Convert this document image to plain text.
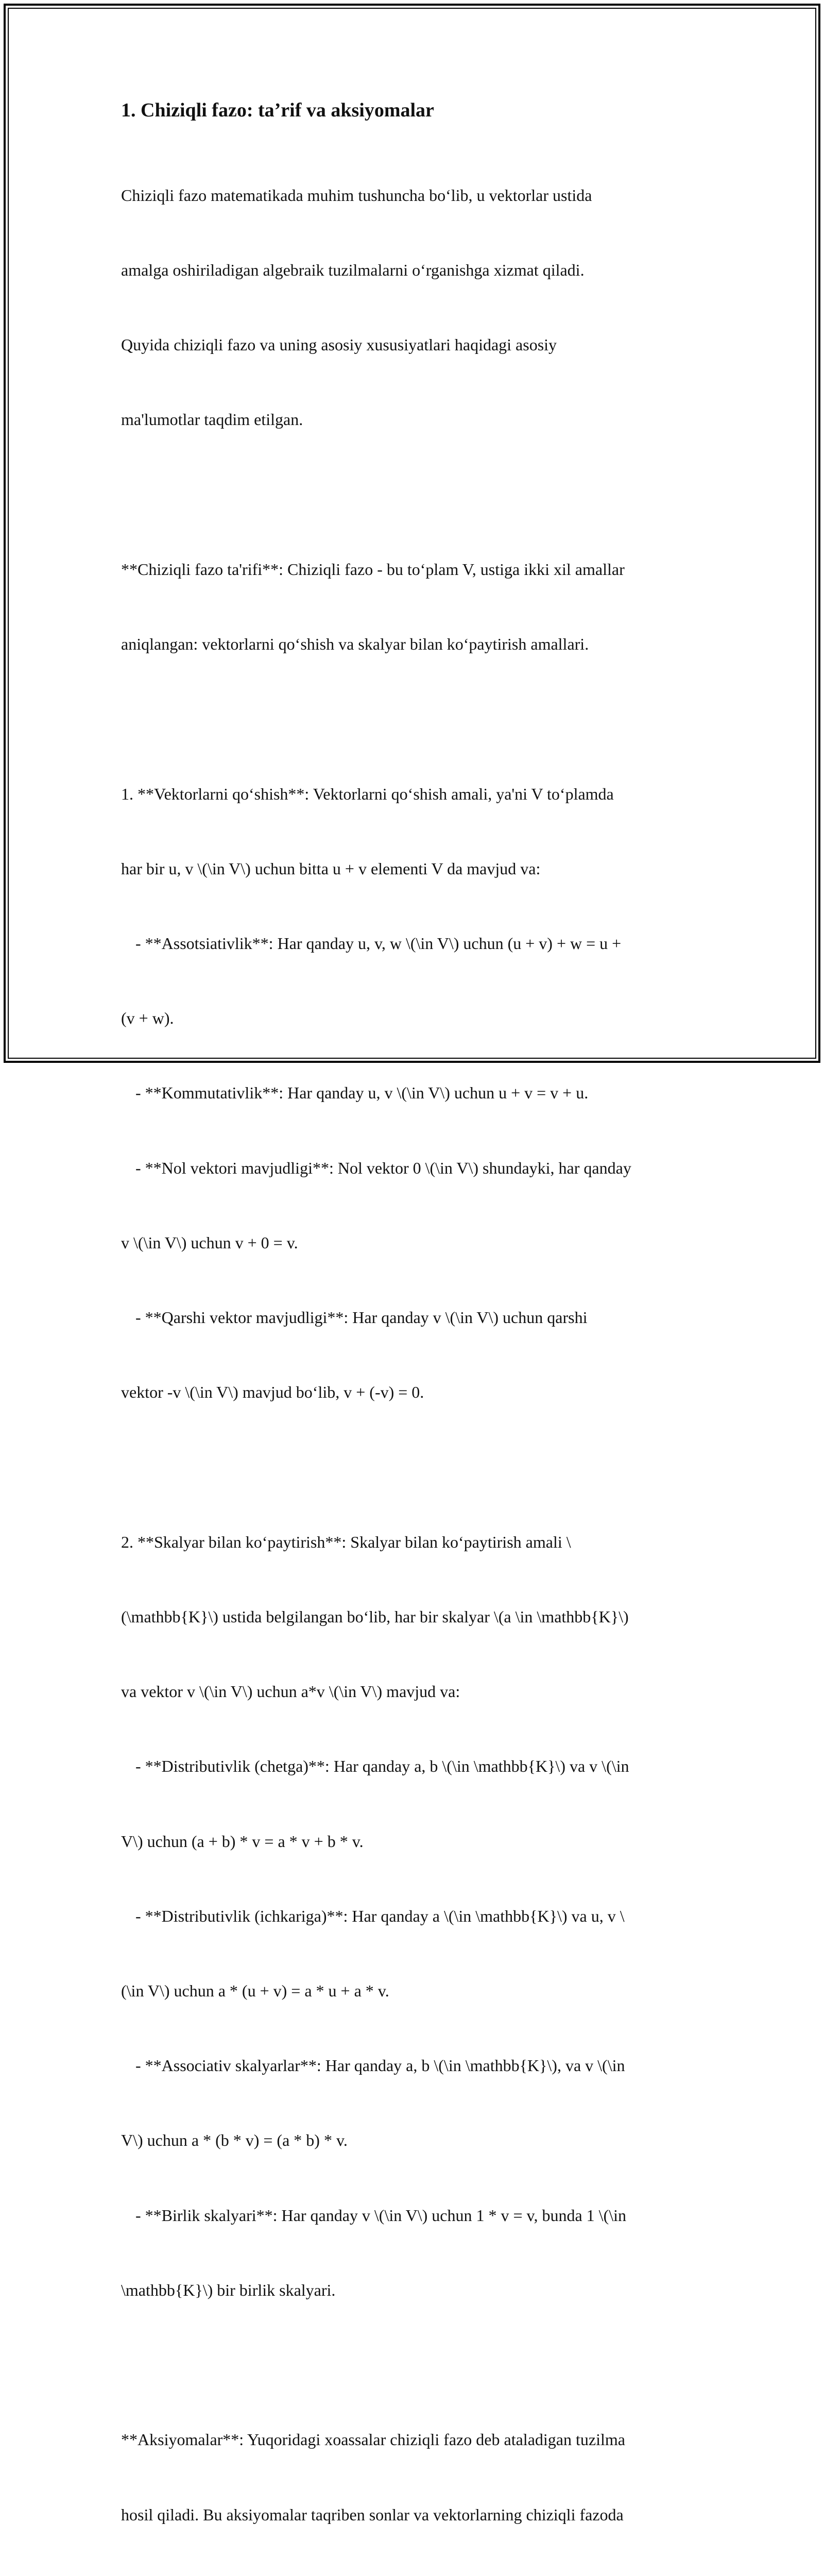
1. Chiziqli fazo: ta’rif va aksiyomalar

Chiziqli fazo matematikada muhim tushuncha bo‘lib, u vektorlar ustida

amalga oshiriladigan algebraik tuzilmalarni o‘rganishga xizmat qiladi.

Quyida chiziqli fazo va uning asosiy xususiyatlari haqidagi asosiy

ma'lumotlar taqdim etilgan.

**Chiziqli fazo ta'rifi**: Chiziqli fazo - bu to‘plam V, ustiga ikki xil amallar

aniqlangan: vektorlarni qo‘shish va skalyar bilan ko‘paytirish amallari.

1. **Vektorlarni qo‘shish**: Vektorlarni qo‘shish amali, ya'ni V to‘plamda

har bir u, v \(\in V\) uchun bitta u + v elementi V da mavjud va:

- **Assotsiativlik**: Har qanday u, v, w \(\in V\) uchun (u + v) + w = u +

(v + w).

- **Kommutativlik**: Har qanday u, v \(\in V\) uchun u + v = v + u.

- **Nol vektori mavjudligi**: Nol vektor 0 \(\in V\) shundayki, har qanday

v \(\in V\) uchun v + 0 = v.

- **Qarshi vektor mavjudligi**: Har qanday v \(\in V\) uchun qarshi

vektor -v \(\in V\) mavjud bo‘lib, v + (-v) = 0.

2. **Skalyar bilan ko‘paytirish**: Skalyar bilan ko‘paytirish amali \

(\mathbb{K}\) ustida belgilangan bo‘lib, har bir skalyar \(a \in \mathbb{K}\)

va vektor v \(\in V\) uchun a*v \(\in V\) mavjud va:

- **Distributivlik (chetga)**: Har qanday a, b \(\in \mathbb{K}\) va v \(\in

V\) uchun (a + b) * v = a * v + b * v.

- **Distributivlik (ichkariga)**: Har qanday a \(\in \mathbb{K}\) va u, v \

(\in V\) uchun a * (u + v) = a * u + a * v.

- **Associativ skalyarlar**: Har qanday a, b \(\in \mathbb{K}\), va v \(\in

V\) uchun a * (b * v) = (a * b) * v.

- **Birlik skalyari**: Har qanday v \(\in V\) uchun 1 * v = v, bunda 1 \(\in

\mathbb{K}\) bir birlik skalyari.

**Aksiyomalar**: Yuqoridagi xoassalar chiziqli fazo deb ataladigan tuzilma

hosil qiladi. Bu aksiyomalar taqriben sonlar va vektorlarning chiziqli fazoda
